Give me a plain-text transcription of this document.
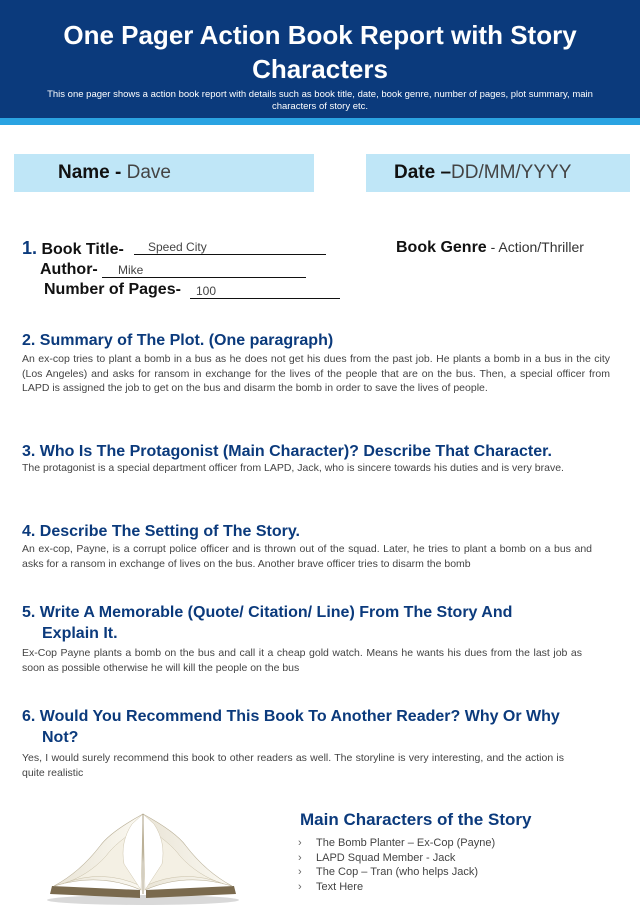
One Pager Action Book Report with Story Characters
This one pager shows a action book report with details such as book title, date, book genre, number of pages, plot summary, main characters of story etc.
Name - Dave	Date –DD/MM/YYYY
1. Book Title-	Speed City
Author-	Mike
Number of Pages-	100
Book Genre - Action/Thriller
2. Summary of The Plot. (One paragraph)
An ex-cop tries to plant a bomb in a bus as he does not get his dues from the past job. He plants a bomb in a bus in the city (Los Angeles) and asks for ransom in exchange for the lives of the people that are on the bus. Then, a special officer from LAPD is assigned the job to get on the bus and disarm the bomb in order to save the lives of people.
3. Who Is The Protagonist (Main Character)? Describe That Character.
The protagonist is a special department officer from LAPD, Jack, who is sincere towards his duties and is very brave.
4. Describe The Setting of The Story.
An ex-cop, Payne, is a corrupt police officer and is thrown out of the squad. Later, he tries to plant a bomb on a bus and asks for a ransom in exchange of lives on the bus. Another brave officer tries to disarm the bomb
5. Write A Memorable (Quote/ Citation/ Line) From The Story And Explain It.
Ex-Cop Payne plants a bomb on the bus and call it a cheap gold watch. Means he wants his dues from the last job as soon as possible otherwise he will kill the people on the bus
6. Would You Recommend This Book To Another Reader? Why Or Why Not?
Yes, I would surely recommend this book to other readers as well. The storyline is very interesting, and the action is quite realistic
Main Characters of the Story
› The Bomb Planter – Ex-Cop (Payne)
› LAPD Squad Member - Jack
› The Cop – Tran (who helps Jack)
› Text Here
